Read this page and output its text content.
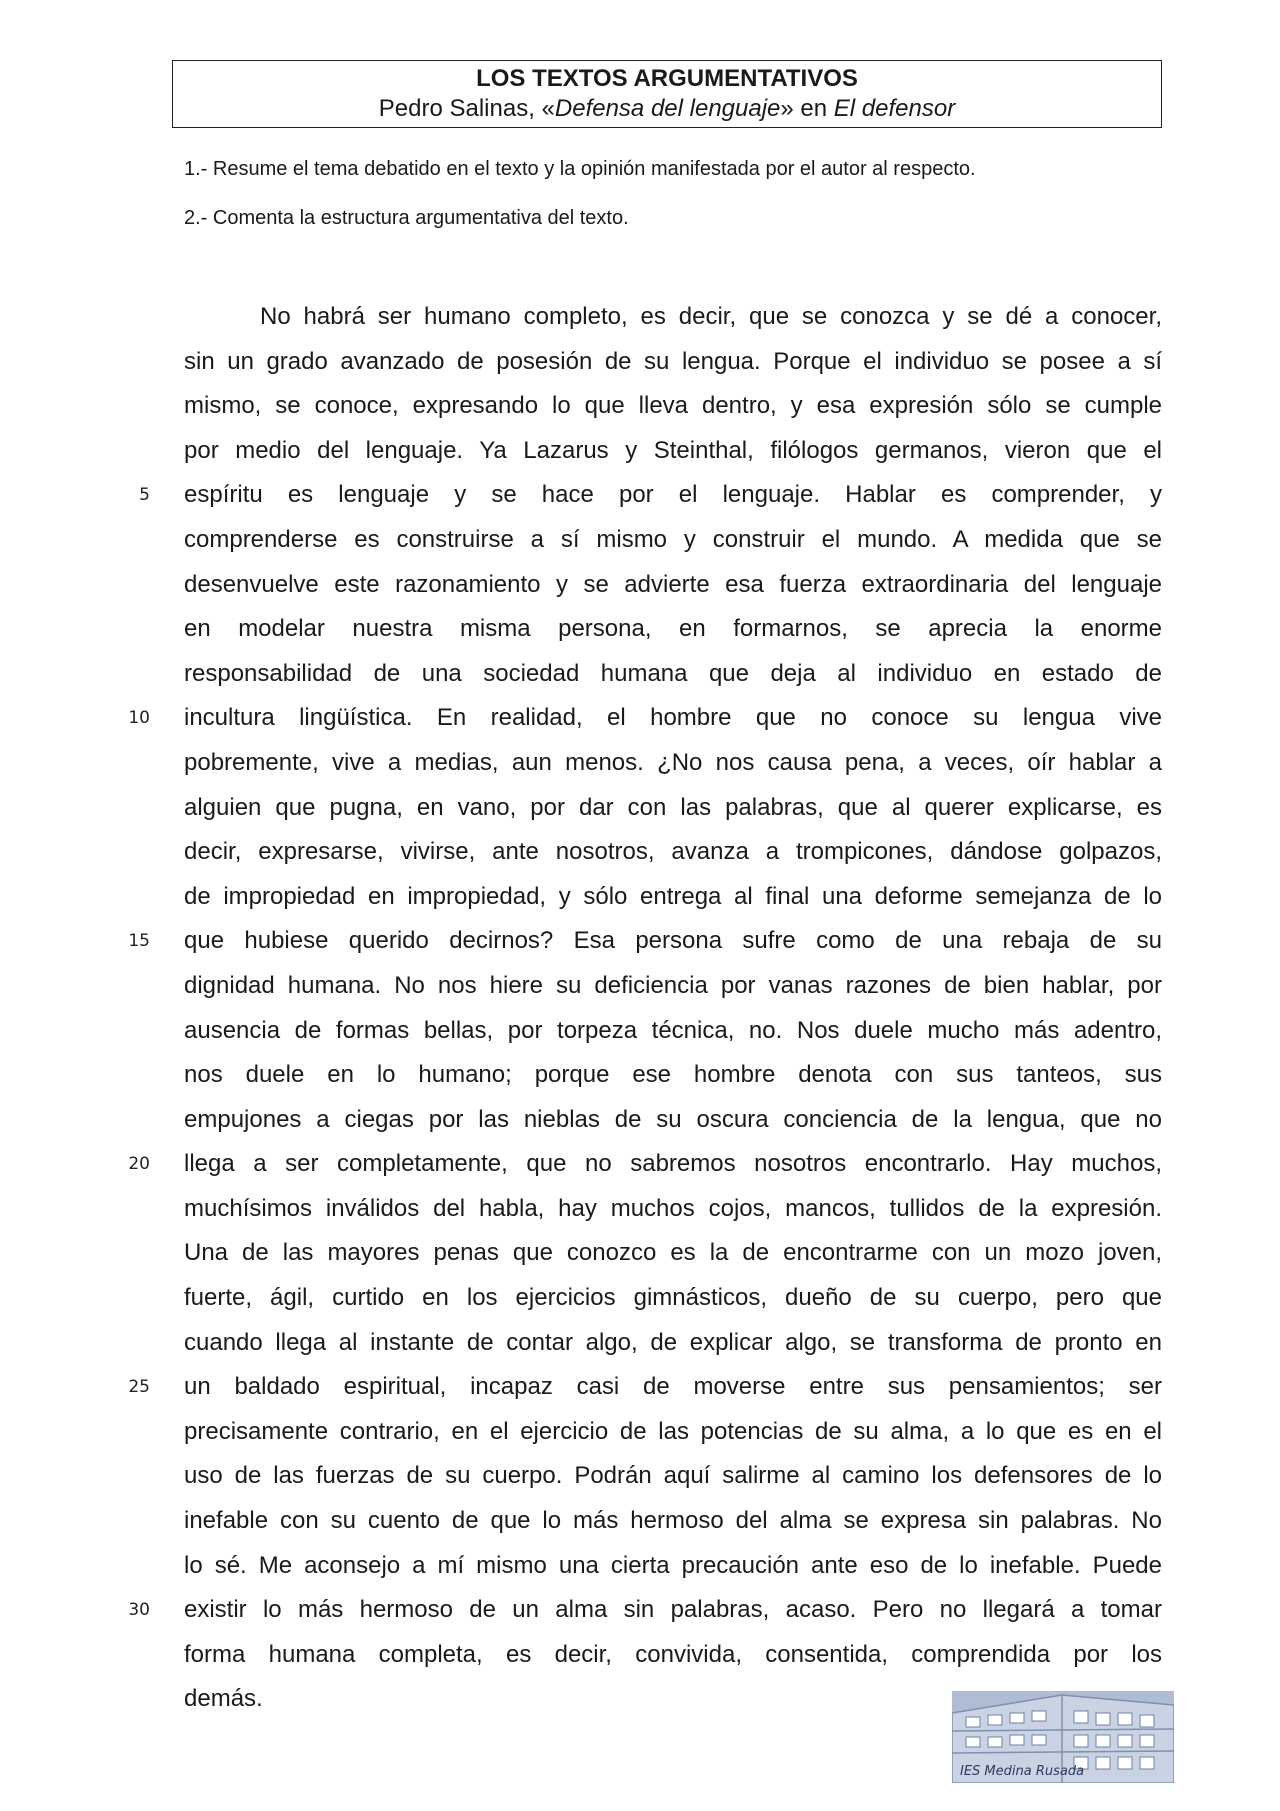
LOS TEXTOS ARGUMENTATIVOS
Pedro Salinas, «Defensa del lenguaje» en El defensor
1.- Resume el tema debatido en el texto y la opinión manifestada por el autor al respecto.
2.- Comenta la estructura argumentativa del texto.
No habrá ser humano completo, es decir, que se conozca y se dé a conocer,
sin un grado avanzado de posesión de su lengua. Porque el individuo se posee a sí
mismo, se conoce, expresando lo que lleva dentro, y esa expresión sólo se cumple
por medio del lenguaje. Ya Lazarus y Steinthal, filólogos germanos, vieron que el
espíritu es lenguaje y se hace por el lenguaje. Hablar es comprender, y
comprenderse es construirse a sí mismo y construir el mundo. A medida que se
desenvuelve este razonamiento y se advierte esa fuerza extraordinaria del lenguaje
en modelar nuestra misma persona, en formarnos, se aprecia la enorme
responsabilidad de una sociedad humana que deja al individuo en estado de
incultura lingüística. En realidad, el hombre que no conoce su lengua vive
pobremente, vive a medias, aun menos. ¿No nos causa pena, a veces, oír hablar a
alguien que pugna, en vano, por dar con las palabras, que al querer explicarse, es
decir, expresarse, vivirse, ante nosotros, avanza a trompicones, dándose golpazos,
de impropiedad en impropiedad, y sólo entrega al final una deforme semejanza de lo
que hubiese querido decirnos? Esa persona sufre como de una rebaja de su
dignidad humana. No nos hiere su deficiencia por vanas razones de bien hablar, por
ausencia de formas bellas, por torpeza técnica, no. Nos duele mucho más adentro,
nos duele en lo humano; porque ese hombre denota con sus tanteos, sus
empujones a ciegas por las nieblas de su oscura conciencia de la lengua, que no
llega a ser completamente, que no sabremos nosotros encontrarlo. Hay muchos,
muchísimos inválidos del habla, hay muchos cojos, mancos, tullidos de la expresión.
Una de las mayores penas que conozco es la de encontrarme con un mozo joven,
fuerte, ágil, curtido en los ejercicios gimnásticos, dueño de su cuerpo, pero que
cuando llega al instante de contar algo, de explicar algo, se transforma de pronto en
un baldado espiritual, incapaz casi de moverse entre sus pensamientos; ser
precisamente contrario, en el ejercicio de las potencias de su alma, a lo que es en el
uso de las fuerzas de su cuerpo. Podrán aquí salirme al camino los defensores de lo
inefable con su cuento de que lo más hermoso del alma se expresa sin palabras. No
lo sé. Me aconsejo a mí mismo una cierta precaución ante eso de lo inefable. Puede
existir lo más hermoso de un alma sin palabras, acaso. Pero no llegará a tomar
forma humana completa, es decir, convivida, consentida, comprendida por los
demás.
5
10
15
20
25
30
IES Medina Rusada
